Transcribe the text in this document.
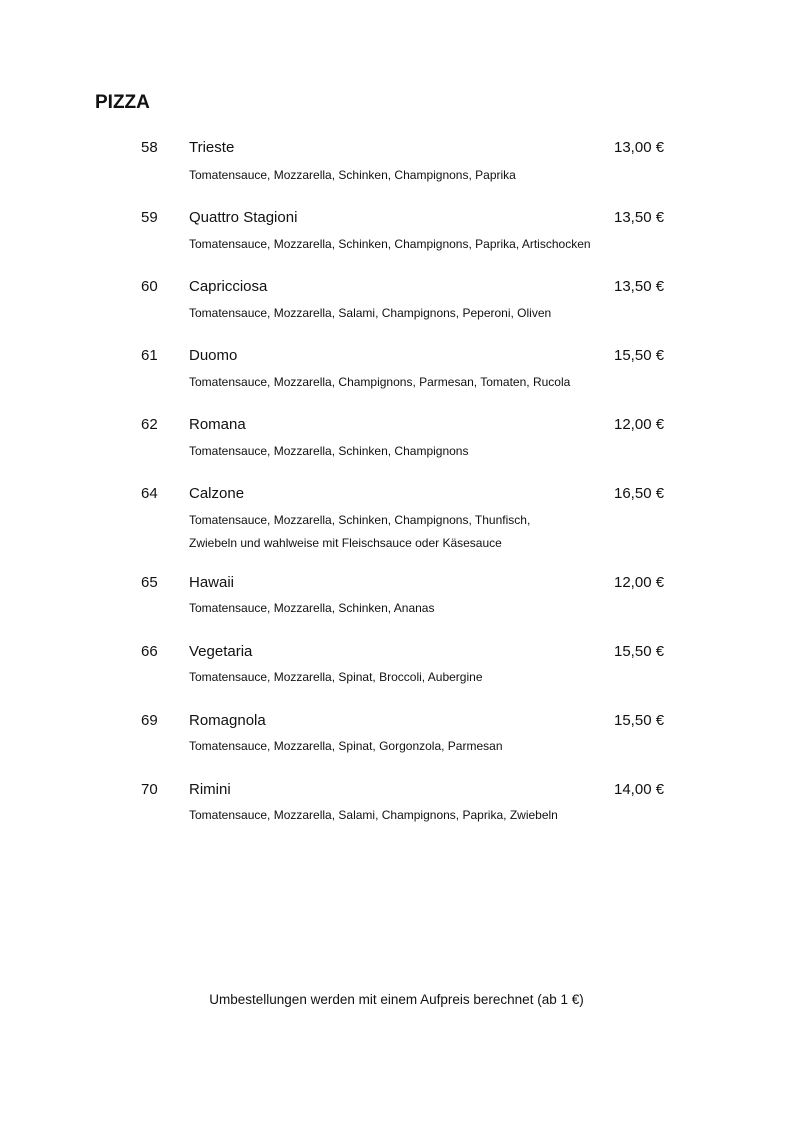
PIZZA
58 Trieste	13,00 €
Tomatensauce, Mozzarella, Schinken, Champignons, Paprika
59 Quattro Stagioni	13,50 €
Tomatensauce, Mozzarella, Schinken, Champignons, Paprika, Artischocken
60 Capricciosa	13,50 €
Tomatensauce, Mozzarella, Salami, Champignons, Peperoni, Oliven
61 Duomo	15,50 €
Tomatensauce, Mozzarella, Champignons, Parmesan, Tomaten, Rucola
62 Romana	12,00 €
Tomatensauce, Mozzarella, Schinken, Champignons
64 Calzone	16,50 €
Tomatensauce, Mozzarella, Schinken, Champignons, Thunfisch,
Zwiebeln und wahlweise mit Fleischsauce oder Käsesauce
65 Hawaii	12,00 €
Tomatensauce, Mozzarella, Schinken, Ananas
66 Vegetaria	15,50 €
Tomatensauce, Mozzarella, Spinat, Broccoli, Aubergine
69 Romagnola	15,50 €
Tomatensauce, Mozzarella, Spinat, Gorgonzola, Parmesan
70 Rimini	14,00 €
Tomatensauce, Mozzarella, Salami, Champignons, Paprika, Zwiebeln
Umbestellungen werden mit einem Aufpreis berechnet (ab 1 €)
